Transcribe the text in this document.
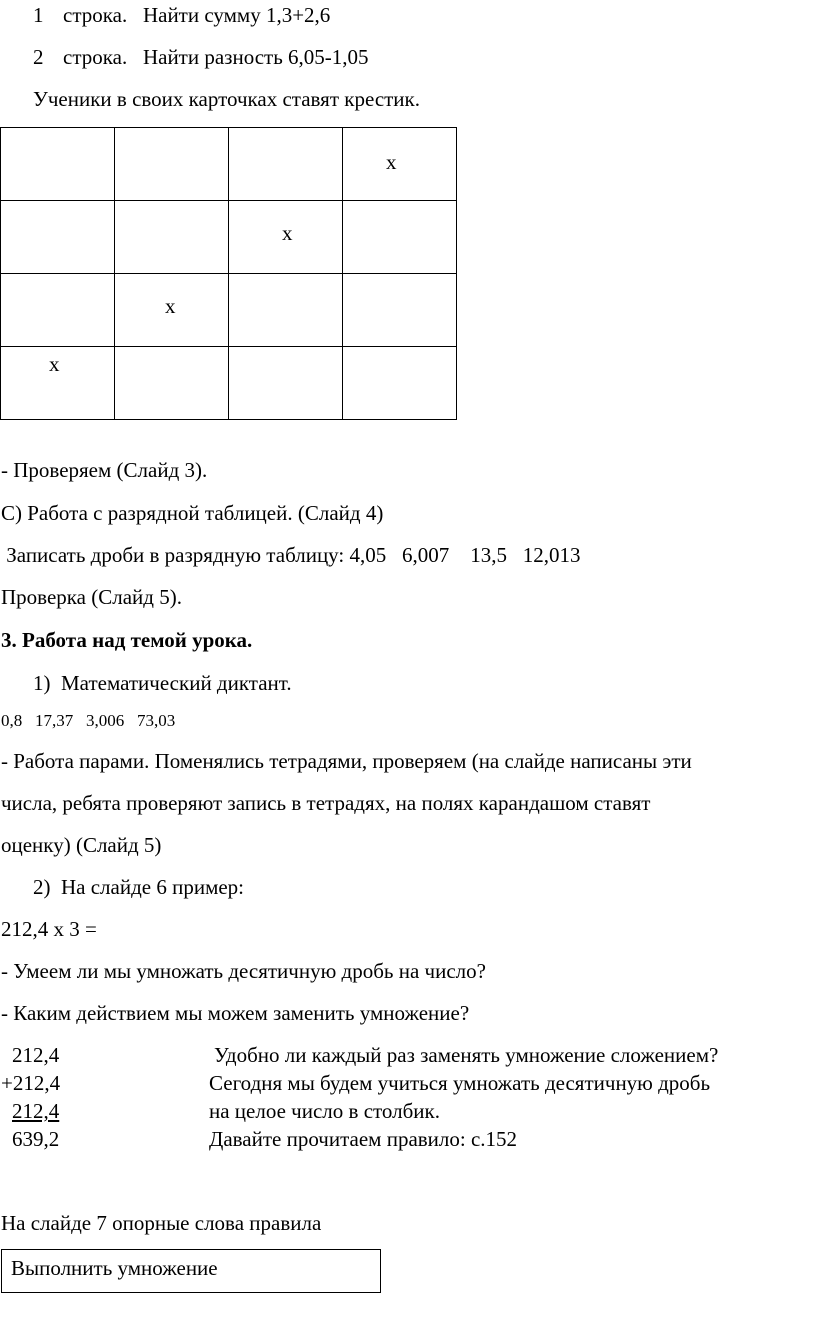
1 строка.   Найти сумму 1,3+2,6
2 строка.   Найти разность 6,05-1,05
Ученики в своих карточках ставят крестик.

			х

		х	

	х		

х			

- Проверяем (Слайд 3).
С) Работа с разрядной таблицей. (Слайд 4)
Записать дроби в разрядную таблицу: 4,05   6,007    13,5   12,013
Проверка (Слайд 5).
3. Работа над темой урока.
1)  Математический диктант.
0,8   17,37   3,006   73,03
- Работа парами. Поменялись тетрадями, проверяем (на слайде написаны эти
числа, ребята проверяют запись в тетрадях, на полях карандашом ставят
оценку) (Слайд 5)
2)  На слайде 6 пример:
212,4 х 3 =
- Умеем ли мы умножать десятичную дробь на число?
- Каким действием мы можем заменить умножение?
212,4
+212,4
212,4
639,2
Удобно ли каждый раз заменять умножение сложением?
Сегодня мы будем учиться умножать десятичную дробь
на целое число в столбик.
Давайте прочитаем правило: с.152
На слайде 7 опорные слова правила
Выполнить умножение
